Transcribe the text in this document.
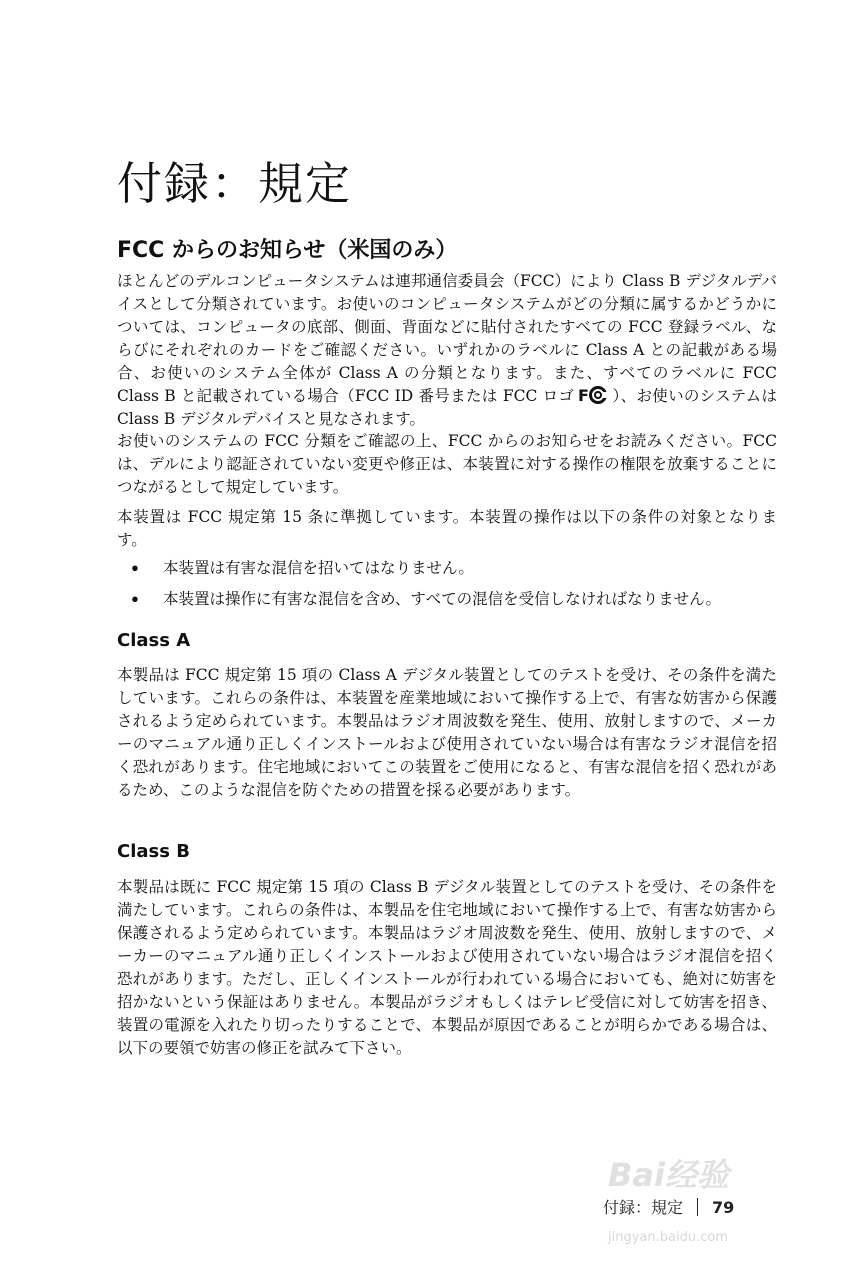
付録：規定
FCC からのお知らせ（米国のみ）

ほとんどのデルコンピュータシステムは連邦通信委員会（FCC）により Class B デジタルデバイスとして分類されています。お使いのコンピュータシステムがどの分類に属するかどうかについては、コンピュータの底部、側面、背面などに貼付されたすべての FCC 登録ラベル、ならびにそれぞれのカードをご確認ください。いずれかのラベルに Class A との記載がある場合、お使いのシステム全体が Class A の分類となります。また、すべてのラベルに FCC Class B と記載されている場合（FCC ID 番号または FCC ロゴ F ）、お使いのシステムは Class B デジタルデバイスと見なされます。

お使いのシステムの FCC 分類をご確認の上、FCC からのお知らせをお読みください。FCC は、デルにより認証されていない変更や修正は、本装置に対する操作の権限を放棄することにつながるとして規定しています。

本装置は FCC 規定第 15 条に準拠しています。本装置の操作は以下の条件の対象となります。

• 本装置は有害な混信を招いてはなりません。
• 本装置は操作に有害な混信を含め、すべての混信を受信しなければなりません。
Class A

本製品は FCC 規定第 15 項の Class A デジタル装置としてのテストを受け、その条件を満たしています。これらの条件は、本装置を産業地域において操作する上で、有害な妨害から保護されるよう定められています。本製品はラジオ周波数を発生、使用、放射しますので、メーカーのマニュアル通り正しくインストールおよび使用されていない場合は有害なラジオ混信を招く恐れがあります。住宅地域においてこの装置をご使用になると、有害な混信を招く恐れがあるため、このような混信を防ぐための措置を採る必要があります。

Class B

本製品は既に FCC 規定第 15 項の Class B デジタル装置としてのテストを受け、その条件を満たしています。これらの条件は、本製品を住宅地域において操作する上で、有害な妨害から保護されるよう定められています。本製品はラジオ周波数を発生、使用、放射しますので、メーカーのマニュアル通り正しくインストールおよび使用されていない場合はラジオ混信を招く恐れがあります。ただし、正しくインストールが行われている場合においても、絶対に妨害を招かないという保証はありません。本製品がラジオもしくはテレビ受信に対して妨害を招き、装置の電源を入れたり切ったりすることで、本製品が原因であることが明らかである場合は、以下の要領で妨害の修正を試みて下さい。

Bai经验
jingyan.baidu.com
付録：規定 79
